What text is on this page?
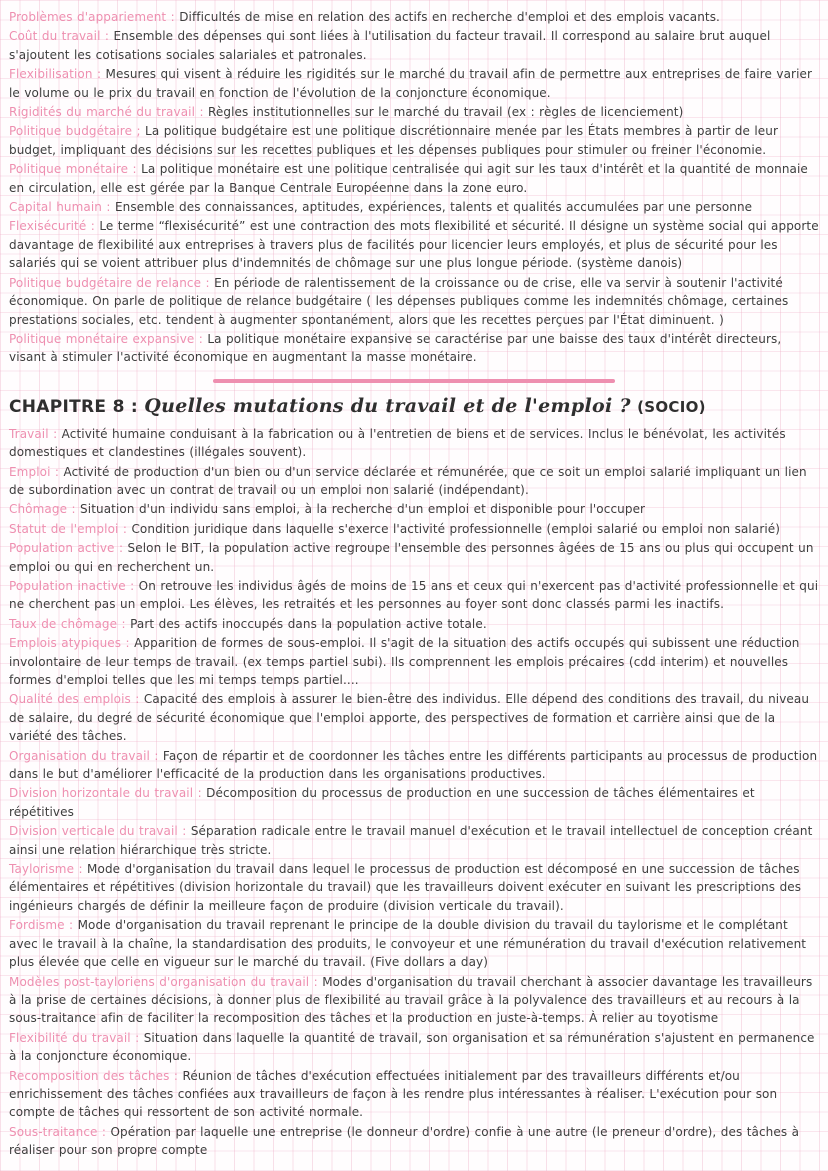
Problèmes d'appariement : Difficultés de mise en relation des actifs en recherche d'emploi et des emplois vacants.

Coût du travail : Ensemble des dépenses qui sont liées à l'utilisation du facteur travail. Il correspond au salaire brut auquel s'ajoutent les cotisations sociales salariales et patronales.

Flexibilisation : Mesures qui visent à réduire les rigidités sur le marché du travail afin de permettre aux entreprises de faire varier le volume ou le prix du travail en fonction de l'évolution de la conjoncture économique.

Rigidités du marché du travail : Règles institutionnelles sur le marché du travail (ex : règles de licenciement)

Politique budgétaire ; La politique budgétaire est une politique discrétionnaire menée par les États membres à partir de leur budget, impliquant des décisions sur les recettes publiques et les dépenses publiques pour stimuler ou freiner l'économie.

Politique monétaire : La politique monétaire est une politique centralisée qui agit sur les taux d'intérêt et la quantité de monnaie en circulation, elle est gérée par la Banque Centrale Européenne dans la zone euro.

Capital humain : Ensemble des connaissances, aptitudes, expériences, talents et qualités accumulées par une personne

Flexisécurité : Le terme “flexisécurité” est une contraction des mots flexibilité et sécurité. Il désigne un système social qui apporte davantage de flexibilité aux entreprises à travers plus de facilités pour licencier leurs employés, et plus de sécurité pour les salariés qui se voient attribuer plus d'indemnités de chômage sur une plus longue période. (système danois)

Politique budgétaire de relance : En période de ralentissement de la croissance ou de crise, elle va servir à soutenir l'activité économique. On parle de politique de relance budgétaire ( les dépenses publiques comme les indemnités chômage, certaines prestations sociales, etc. tendent à augmenter spontanément, alors que les recettes perçues par l'État diminuent. )

Politique monétaire expansive : La politique monétaire expansive se caractérise par une baisse des taux d'intérêt directeurs, visant à stimuler l'activité économique en augmentant la masse monétaire.

CHAPITRE 8 : Quelles mutations du travail et de l'emploi ? (SOCIO)

Travail : Activité humaine conduisant à la fabrication ou à l'entretien de biens et de services. Inclus le bénévolat, les activités domestiques et clandestines (illégales souvent).

Emploi : Activité de production d'un bien ou d'un service déclarée et rémunérée, que ce soit un emploi salarié impliquant un lien de subordination avec un contrat de travail ou un emploi non salarié (indépendant).

Chômage : Situation d'un individu sans emploi, à la recherche d'un emploi et disponible pour l'occuper

Statut de l'emploi : Condition juridique dans laquelle s'exerce l'activité professionnelle (emploi salarié ou emploi non salarié)

Population active : Selon le BIT, la population active regroupe l'ensemble des personnes âgées de 15 ans ou plus qui occupent un emploi ou qui en recherchent un.

Population inactive : On retrouve les individus âgés de moins de 15 ans et ceux qui n'exercent pas d'activité professionnelle et qui ne cherchent pas un emploi. Les élèves, les retraités et les personnes au foyer sont donc classés parmi les inactifs.

Taux de chômage : Part des actifs inoccupés dans la population active totale.

Emplois atypiques : Apparition de formes de sous-emploi. Il s'agit de la situation des actifs occupés qui subissent une réduction involontaire de leur temps de travail. (ex temps partiel subi). Ils comprennent les emplois précaires (cdd interim) et nouvelles formes d'emploi telles que les mi temps temps partiel....

Qualité des emplois : Capacité des emplois à assurer le bien-être des individus. Elle dépend des conditions des travail, du niveau de salaire, du degré de sécurité économique que l'emploi apporte, des perspectives de formation et carrière ainsi que de la variété des tâches.

Organisation du travail : Façon de répartir et de coordonner les tâches entre les différents participants au processus de production dans le but d'améliorer l'efficacité de la production dans les organisations productives.

Division horizontale du travail : Décomposition du processus de production en une succession de tâches élémentaires et répétitives

Division verticale du travail : Séparation radicale entre le travail manuel d'exécution et le travail intellectuel de conception créant ainsi une relation hiérarchique très stricte.

Taylorisme : Mode d'organisation du travail dans lequel le processus de production est décomposé en une succession de tâches élémentaires et répétitives (division horizontale du travail) que les travailleurs doivent exécuter en suivant les prescriptions des ingénieurs chargés de définir la meilleure façon de produire (division verticale du travail).

Fordisme : Mode d'organisation du travail reprenant le principe de la double division du travail du taylorisme et le complétant avec le travail à la chaîne, la standardisation des produits, le convoyeur et une rémunération du travail d'exécution relativement plus élevée que celle en vigueur sur le marché du travail. (Five dollars a day)

Modèles post-tayloriens d'organisation du travail : Modes d'organisation du travail cherchant à associer davantage les travailleurs à la prise de certaines décisions, à donner plus de flexibilité au travail grâce à la polyvalence des travailleurs et au recours à la sous-traitance afin de faciliter la recomposition des tâches et la production en juste-à-temps. À relier au toyotisme

Flexibilité du travail : Situation dans laquelle la quantité de travail, son organisation et sa rémunération s'ajustent en permanence à la conjoncture économique.

Recomposition des tâches : Réunion de tâches d'exécution effectuées initialement par des travailleurs différents et/ou enrichissement des tâches confiées aux travailleurs de façon à les rendre plus intéressantes à réaliser. L'exécution pour son compte de tâches qui ressortent de son activité normale.

Sous-traitance : Opération par laquelle une entreprise (le donneur d'ordre) confie à une autre (le preneur d'ordre), des tâches à réaliser pour son propre compte
